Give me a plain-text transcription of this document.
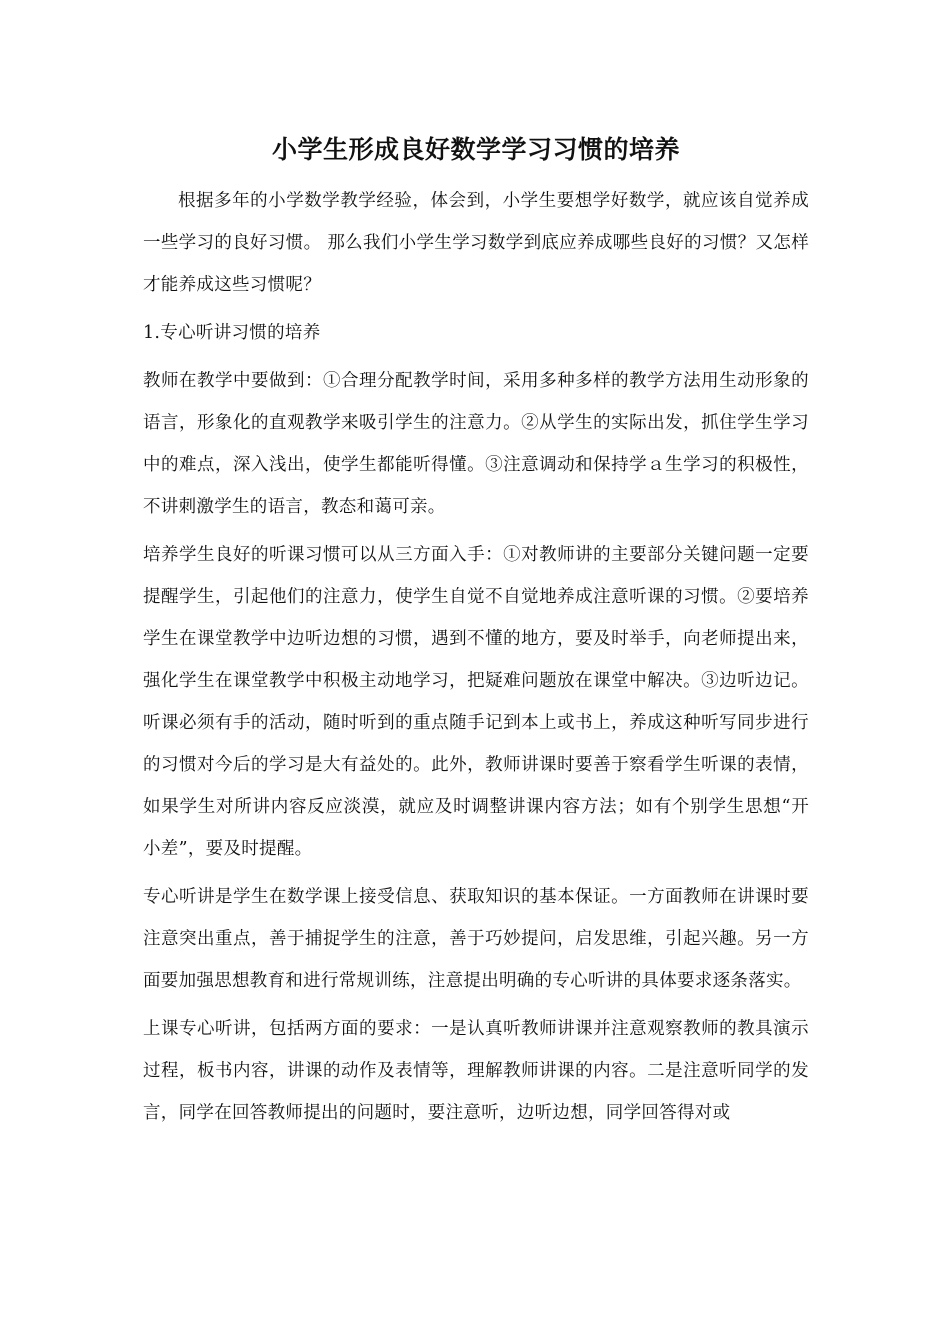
小学生形成良好数学学习习惯的培养

根据多年的小学数学教学经验，体会到，小学生要想学好数学，就应该自觉养成一些学习的良好习惯。 那么我们小学生学习数学到底应养成哪些良好的习惯？又怎样才能养成这些习惯呢？

1.专心听讲习惯的培养

教师在教学中要做到：①合理分配教学时间，采用多种多样的教学方法用生动形象的语言，形象化的直观教学来吸引学生的注意力。②从学生的实际出发，抓住学生学习中的难点，深入浅出，使学生都能听得懂。③注意调动和保持学ａ生学习的积极性，不讲刺激学生的语言，教态和蔼可亲。

培养学生良好的听课习惯可以从三方面入手：①对教师讲的主要部分关键问题一定要提醒学生，引起他们的注意力，使学生自觉不自觉地养成注意听课的习惯。②要培养学生在课堂教学中边听边想的习惯，遇到不懂的地方，要及时举手，向老师提出来，强化学生在课堂教学中积极主动地学习，把疑难问题放在课堂中解决。③边听边记。听课必须有手的活动，随时听到的重点随手记到本上或书上，养成这种听写同步进行的习惯对今后的学习是大有益处的。此外，教师讲课时要善于察看学生听课的表情，如果学生对所讲内容反应淡漠，就应及时调整讲课内容方法；如有个别学生思想“开小差”，要及时提醒。

专心听讲是学生在数学课上接受信息、获取知识的基本保证。一方面教师在讲课时要注意突出重点，善于捕捉学生的注意，善于巧妙提问，启发思维，引起兴趣。另一方面要加强思想教育和进行常规训练，注意提出明确的专心听讲的具体要求逐条落实。

上课专心听讲，包括两方面的要求：一是认真听教师讲课并注意观察教师的教具演示过程，板书内容，讲课的动作及表情等，理解教师讲课的内容。二是注意听同学的发言，同学在回答教师提出的问题时，要注意听，边听边想，同学回答得对或
